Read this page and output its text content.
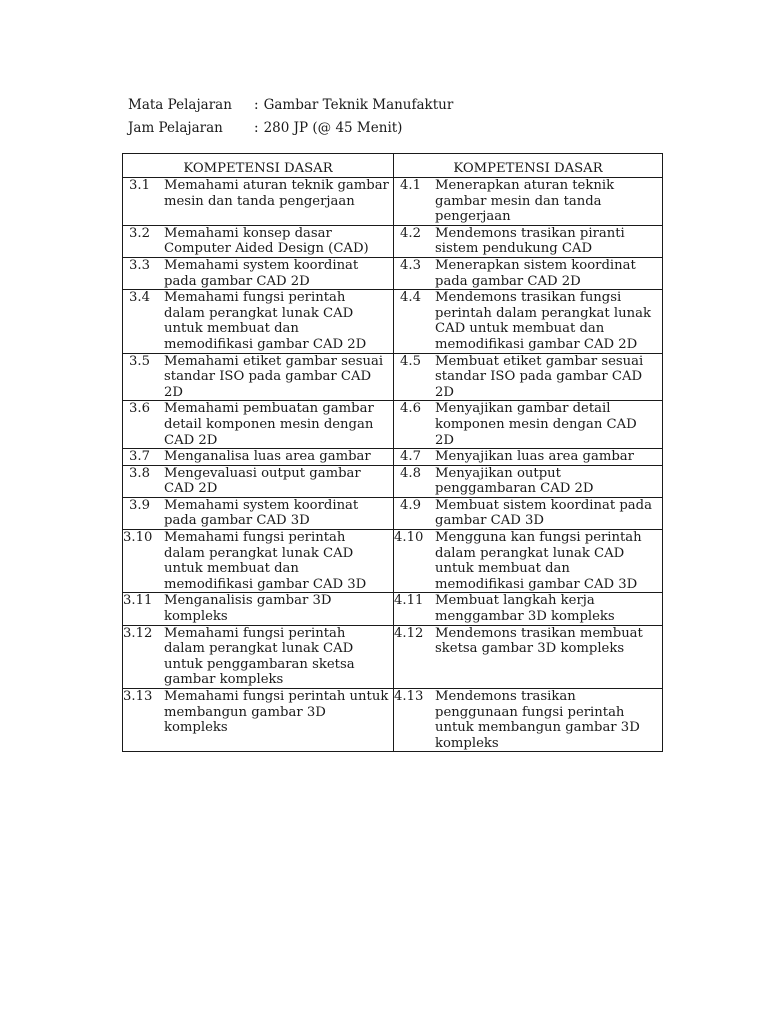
Mata Pelajaran	: Gambar Teknik Manufaktur
Jam Pelajaran	: 280 JP (@ 45 Menit)
KOMPETENSI DASAR	KOMPETENSI DASAR

3.1 Memahami aturan teknik gambar mesin dan tanda pengerjaan	4.1 Menerapkan aturan teknik gambar mesin dan tanda pengerjaan

3.2 Memahami konsep dasar Computer Aided Design (CAD)	4.2 Mendemons trasikan piranti sistem pendukung CAD

3.3 Memahami system koordinat pada gambar CAD 2D	4.3 Menerapkan sistem koordinat pada gambar CAD 2D

3.4 Memahami fungsi perintah dalam perangkat lunak CAD untuk membuat dan memodifikasi gambar CAD 2D	4.4 Mendemons trasikan fungsi perintah dalam perangkat lunak CAD untuk membuat dan memodifikasi gambar CAD 2D

3.5 Memahami etiket gambar sesuai standar ISO pada gambar CAD 2D	4.5 Membuat etiket gambar sesuai standar ISO pada gambar CAD 2D

3.6 Memahami pembuatan gambar detail komponen mesin dengan CAD 2D	4.6 Menyajikan gambar detail komponen mesin dengan CAD 2D

3.7 Menganalisa luas area gambar	4.7 Menyajikan luas area gambar

3.8 Mengevaluasi output gambar CAD 2D	4.8 Menyajikan output penggambaran CAD 2D

3.9 Memahami system koordinat pada gambar CAD 3D	4.9 Membuat sistem koordinat pada gambar CAD 3D

3.10 Memahami fungsi perintah dalam perangkat lunak CAD untuk membuat dan memodifikasi gambar CAD 3D	4.10 Mengguna kan fungsi perintah dalam perangkat lunak CAD untuk membuat dan memodifikasi gambar CAD 3D

3.11 Menganalisis gambar 3D kompleks	4.11 Membuat langkah kerja menggambar 3D kompleks

3.12 Memahami fungsi perintah dalam perangkat lunak CAD untuk penggambaran sketsa gambar kompleks	4.12 Mendemons trasikan membuat sketsa gambar 3D kompleks

3.13 Memahami fungsi perintah untuk membangun gambar 3D kompleks	4.13 Mendemons trasikan penggunaan fungsi perintah untuk membangun gambar 3D kompleks
